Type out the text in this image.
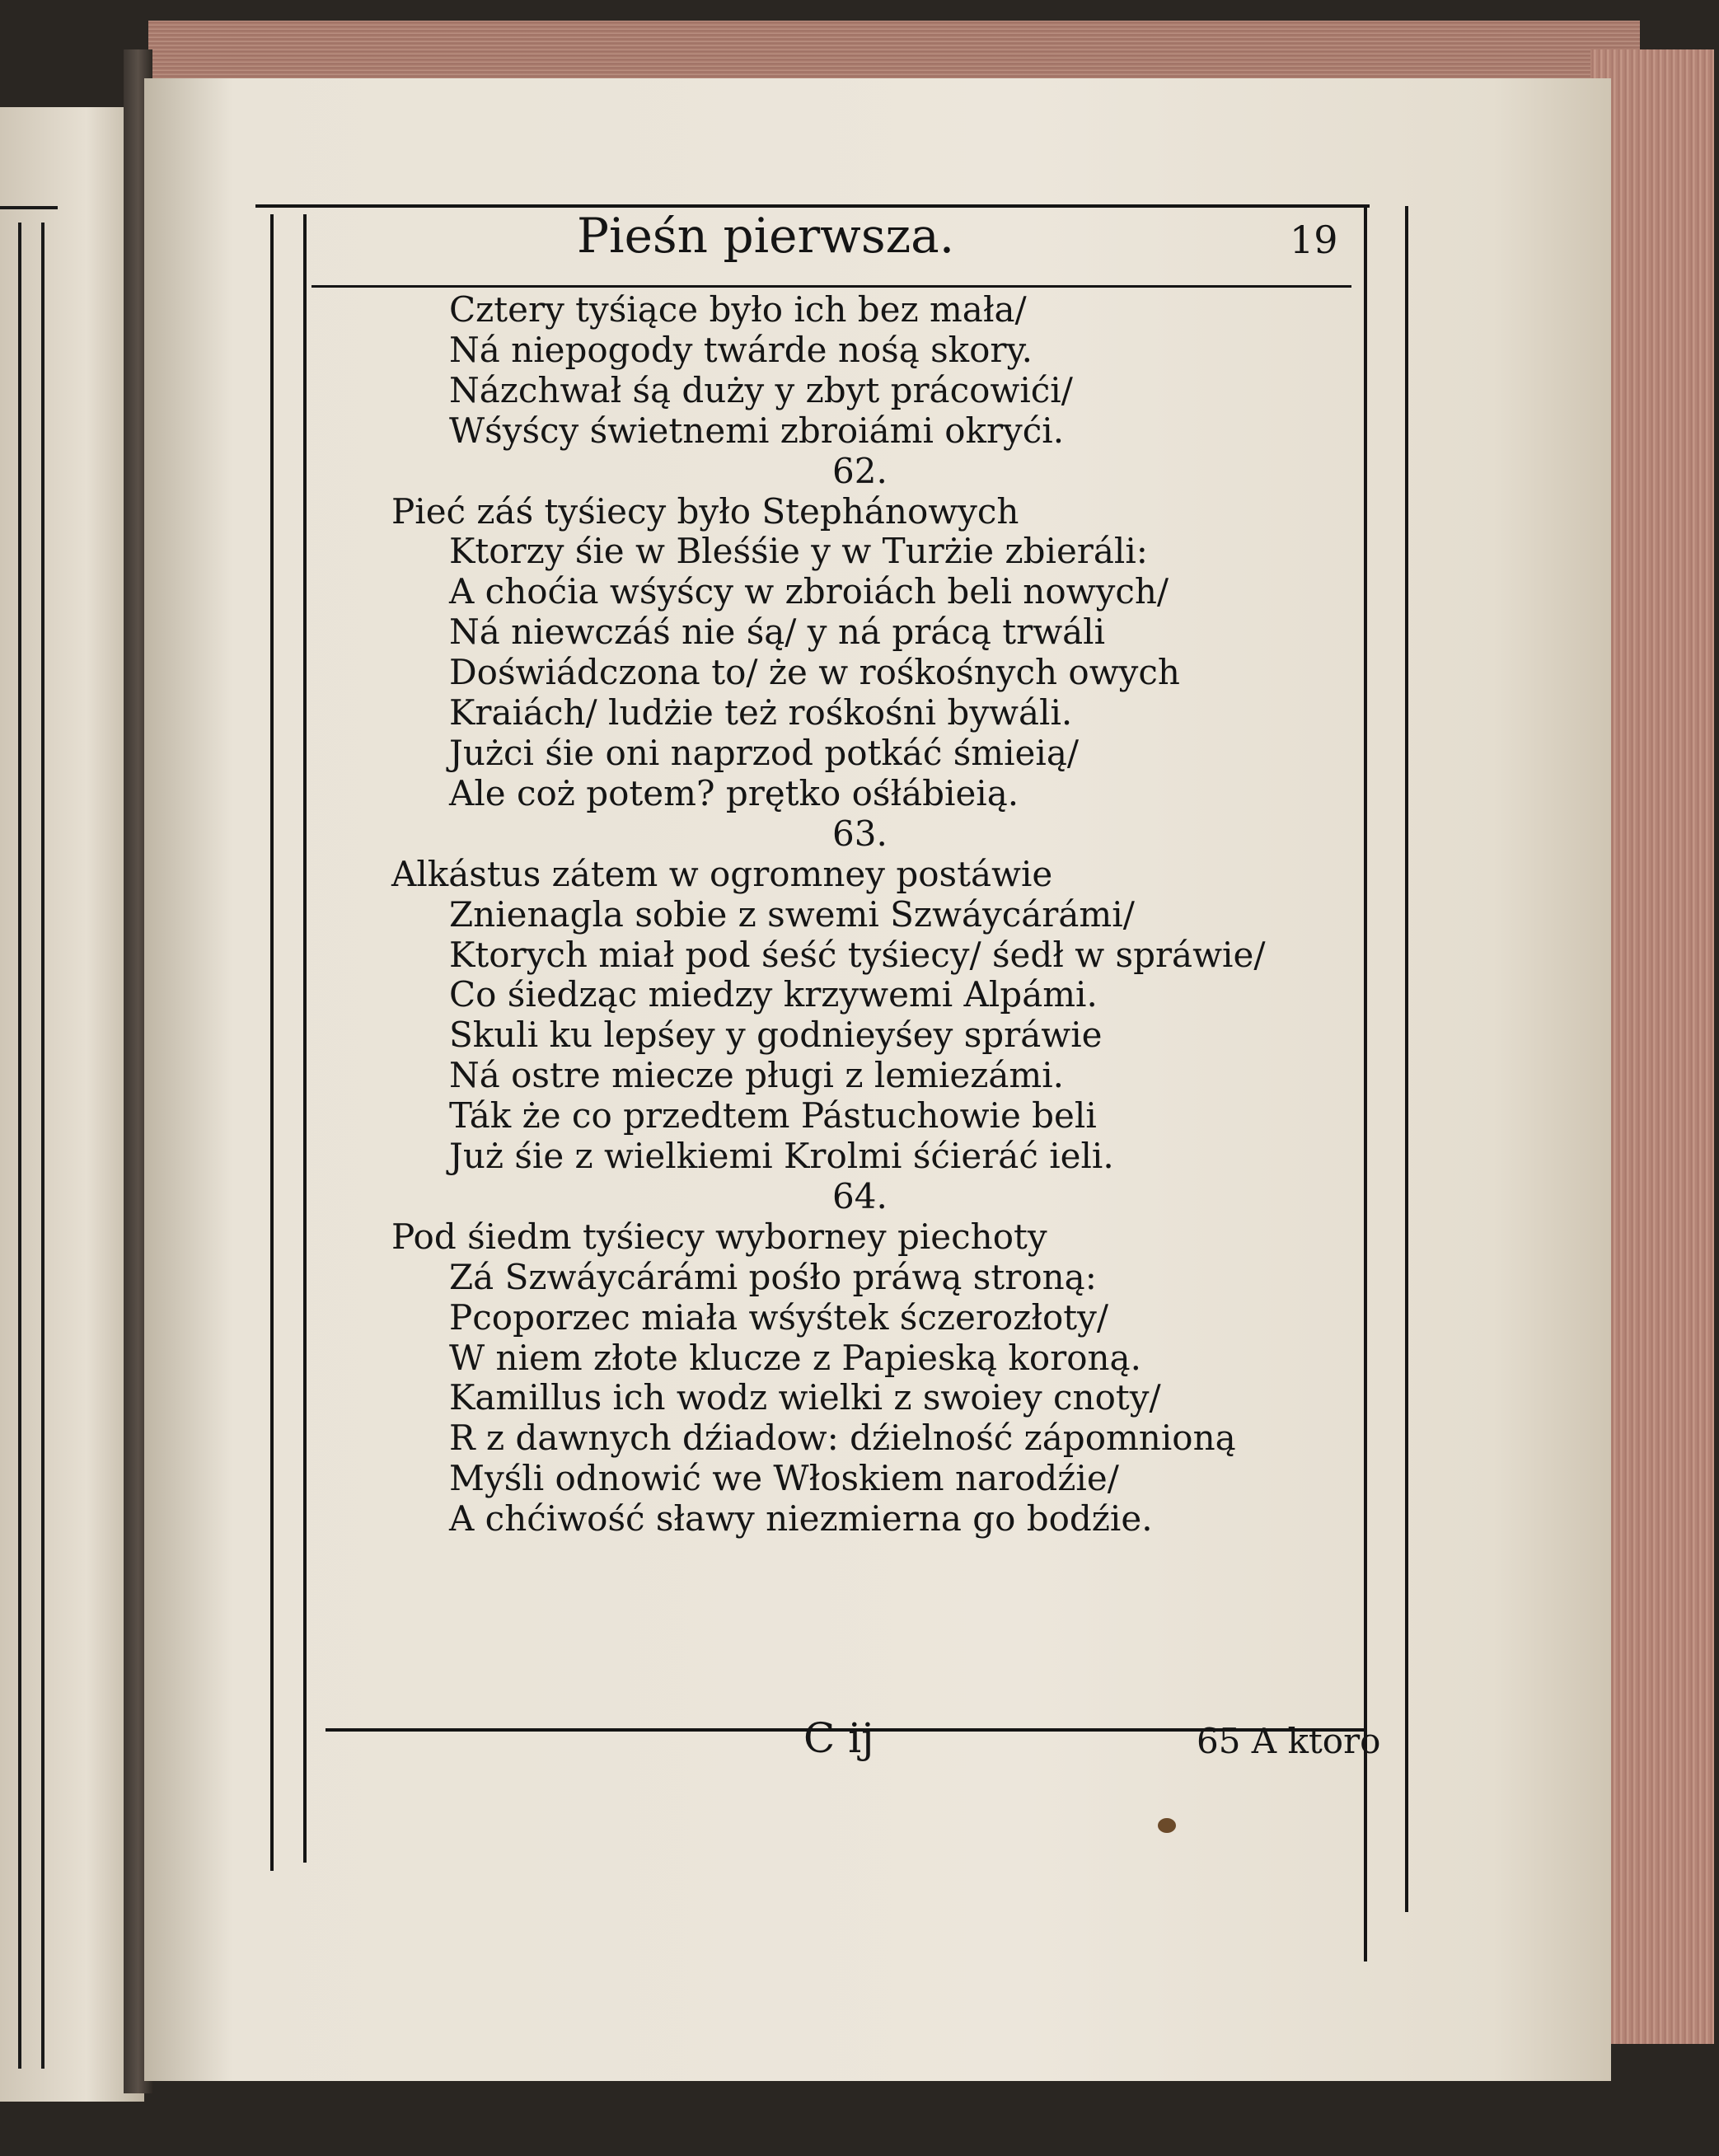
Pieśn pierwsza.	19
Cztery tyśiące było ich bez mała/
Ná niepogody twárde nośą skory.
Názchwał śą duży y zbyt prácowići/
Wśyścy świetnemi zbroiámi okryći.
62.
Pieć záś tyśiecy było Stephánowych
Ktorzy śie w Bleśśie y w Turżie zbieráli:
A choćia wśyścy w zbroiách beli nowych/
Ná niewczáś nie śą/ y ná prácą trwáli
Doświádczona to/ że w rośkośnych owych
Kraiách/ ludżie też rośkośni bywáli.
Jużci śie oni naprzod potkáć śmieią/
Ale coż potem? prętko ośłábieią.
63.
Alkástus zátem w ogromney postáwie
Znienagla sobie z swemi Szwáycárámi/
Ktorych miał pod śeść tyśiecy/ śedł w spráwie/
Co śiedząc miedzy krzywemi Alpámi.
Skuli ku lepśey y godnieyśey spráwie
Ná ostre miecze pługi z lemiezámi.
Ták że co przedtem Pástuchowie beli
Już śie z wielkiemi Krolmi śćieráć ieli.
64.
Pod śiedm tyśiecy wyborney piechoty
Zá Szwáycárámi pośło práwą stroną:
Pcoporzec miała wśyśtek śczerozłoty/
W niem złote klucze z Papieską koroną.
Kamillus ich wodz wielki z swoiey cnoty/
R z dawnych dźiadow: dźielność zápomnioną
Myśli odnowić we Włoskiem narodźie/
A chćiwość sławy niezmierna go bodźie.
C ij	65 A ktoro
